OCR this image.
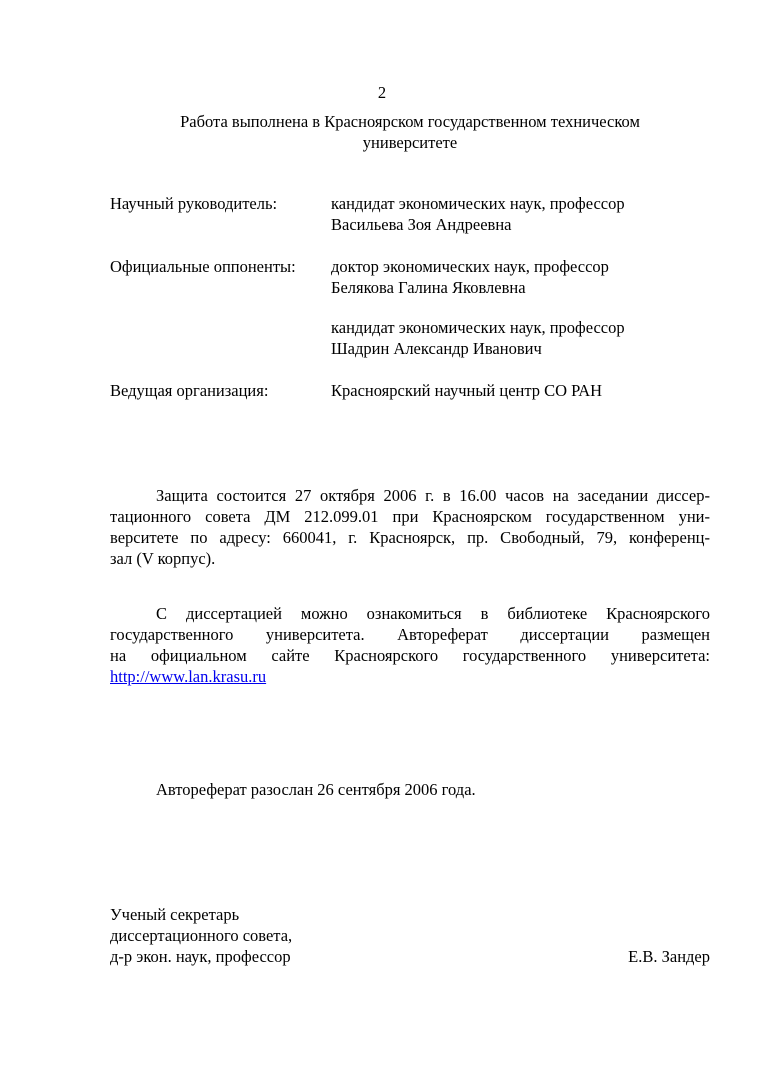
2
Работа выполнена в Красноярском государственном техническом
университете
Научный руководитель:	кандидат экономических наук, профессор
Васильева Зоя Андреевна
Официальные оппоненты:	доктор экономических наук, профессор
Белякова Галина Яковлевна
кандидат экономических наук, профессор
Шадрин Александр Иванович
Ведущая организация:	Красноярский научный центр СО РАН
Защита состоится 27 октября 2006 г. в 16.00 часов на заседании диссер-
тационного совета ДМ 212.099.01 при Красноярском государственном уни-
верситете по адресу: 660041, г. Красноярск, пр. Свободный, 79, конференц-
зал (V корпус).
С диссертацией можно ознакомиться в библиотеке Красноярского
государственного университета. Автореферат диссертации размещен
на официальном сайте Красноярского государственного университета:
http://www.lan.krasu.ru
Автореферат разослан 26 сентября 2006 года.
Ученый секретарь
диссертационного совета,
д-р экон. наук, профессор	Е.В. Зандер
